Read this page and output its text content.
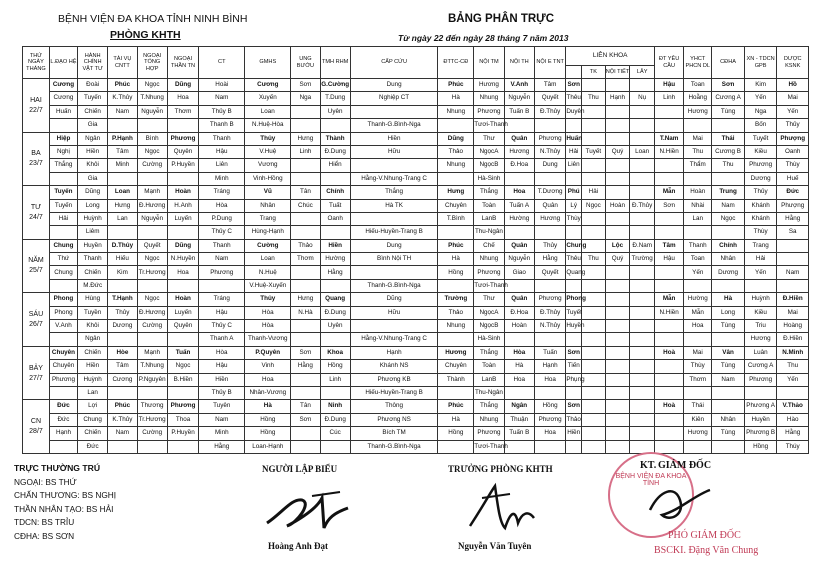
BỆNH VIỆN ĐA KHOA TỈNH NINH BÌNH
PHÒNG KHTH
BẢNG PHÂN TRỰC
Từ ngày 22 đến ngày 28 tháng 7 năm 2013
THỨ NGÀY THÁNG	L.ĐẠO HỆ	HÀNH CHÍNH VẬT TƯ	TÀI VỤ CNTT	NGOẠI TỔNG HỢP	NGOẠI THẦN TN	CT	GMHS	UNG BƯỚU	TMH RHM	CẤP CỨU	ĐTTC-CĐ	NỘI TM	NỘI TH	NỘI E TNT	LIÊN KHOA				ĐT YÊU CẦU	YHCT PHCN DL	CĐHA	XN - TDCN GPB	DƯỢC KSNK
																TK	NỘI TIẾT	LÂY					

HAI
22/7	Cương	Đoài	Phúc	Ngọc	Dũng	Hoài	Cương	Sơn	G.Cường	Dung	Phúc	Hương	V.Anh	Tâm	Sơn				Hậu	Toan	Sơn	Kim	Hồ
	Cương	Tuyến	K.Thủy	T.Nhung	Hoa	Nam	Xuyến	Nga	T.Dung	Nghiệp CT	Hà	Nhung	Nguyễn	Quyết	Thêu	Thu	Hạnh	Nụ	Linh	Hoằng	Cương A	Yến	Mai
	Huấn	Chiến	Nam	Nguyễn	Thơm	Thủy B	Loan		Uyên		Nhung	Phương	Tuấn B	Đ.Thủy	Duyên					Hương	Tùng	Nga	Yến
		Gia				Thanh B	N.Huệ-Hòa			Thanh-G.Bình-Nga		Tươi-Thanh										Bốn	Thủy

BA
23/7	Hiệp	Ngân	P.Hạnh	Bình	Phương	Thanh	Thủy	Hưng	Thành	Hiền	Dũng	Thư	Quân	Phương	Huấn				T.Nam	Mai	Thái	Tuyết	Phượng
	Nghị	Hiền	Tâm	Ngọc	Quyên	Hậu	V.Huệ	Linh	Đ.Dung	Hữu	Thảo	NgọcA	Hương	N.Thủy	Hải	Tuyết	Quý	Loan	N.Hiền	Thu	Cương B	Kiều	Oanh
	Thắng	Khôi	Minh	Cường	P.Huyền	Liên	Vương		Hiển		Nhung	NgọcB	Đ.Hoa	Dung	Liên					Thẩm	Thu	Phương	Thùy
		Gia				Minh	Vinh-Hồng			Hằng-V.Nhung-Trang C		Hà-Sinh										Dương	Huế

TƯ
24/7	Tuyến	Dũng	Loan	Mạnh	Hoàn	Tráng	Vũ	Tân	Chính	Thắng	Hưng	Thắng	Hoa	T.Dương	Phú	Hải			Mẫn	Hoàn	Trung	Thủy	Đức
	Tuyến	Long	Hưng	Đ.Hương	H.Anh	Hòa	Nhân	Chúc	Tuất	Hà TK	Chuyên	Toàn	Tuấn A	Quân	Lý	Ngọc	Hoàn	Đ.Thủy	Sơn	Nhài	Nam	Khánh	Phượng
	Hải	Huỳnh	Lan	Nguyễn	Luyến	P.Dung	Trang		Oanh		T.Bình	LanB	Hường	Hương	Thùy					Lan	Ngọc	Khánh	Hằng
		Liêm				Thủy C	Hùng-Hạnh			Hiếu-Huyền-Trang B		Thu-Ngân										Thùy	Sa

NĂM
25/7	Chung	Huyền	D.Thủy	Quyết	Dũng	Thanh	Cường	Thảo	Hiền	Dung	Phúc	Chế	Quân	Thủy	Chung		Lộc	Đ.Nam	Tâm	Thanh	Chính	Trang	
	Thứ	Thanh	Hiếu	Ngọc	N.Huyền	Nam	Loan	Thơm	Hường	Bình Nội TH	Hà	Nhung	Nguyễn	Hằng	Thêu	Thu	Quý	Trường	Hậu	Toan	Nhân	Hải	
	Chung	Chiến	Kim	Tr.Hương	Hoa	Phương	N.Huệ		Hằng		Hồng	Phương	Giao	Quyết	Quang					Yến	Dương	Yến	Nam
		M.Đức					V.Huệ-Xuyến			Thanh-G.Bình-Nga		Tươi-Thanh											

SÁU
26/7	Phong	Hùng	T.Hạnh	Ngọc	Hoàn	Tráng	Thủy	Hưng	Quang	Dũng	Trường	Thư	Quân	Phương	Phong				Mẫn	Hường	Hà	Huỳnh	Đ.Hiền
	Phong	Tuyền	Thủy	Đ.Hương	Luyến	Hậu	Hòa	N.Hà	Đ.Dung	Hữu	Thảo	NgọcA	Đ.Hoa	Đ.Thủy	Tuyết				N.Hiền	Mẫn	Long	Kiều	Mai
	V.Anh	Khôi	Dương	Cường	Quyên	Thủy C	Hòa		Uyên		Nhung	NgọcB	Hoàn	N.Thủy	Huyền					Hoa	Tùng	Triu	Hoàng
		Ngân				Thanh A	Thanh-Vương			Hằng-V.Nhung-Trang C		Hà-Sinh										Hương	Đ.Hiền

BẢY
27/7	Chuyên	Chiến	Hòe	Mạnh	Tuấn	Hòa	P.Quyên	Sơn	Khoa	Hạnh	Hương	Thắng	Hòa	Tuấn	Sơn				Hoà	Mai	Vân	Luân	N.Minh
	Chuyên	Hiền	Tâm	T.Nhung	Ngọc	Hậu	Vinh	Hằng	Hồng	Khánh NS	Chuyên	Toàn	Hà	Hạnh	Tiến					Thùy	Tùng	Cương A	Thu
	Phương	Huỳnh	Cương	P.Nguyên	B.Hiền	Hiền	Hoa		Linh	Phương KB	Thành	LanB	Hoa	Hoa	Phụng					Thơm	Nam	Phương	Yến
		Lan				Thủy B	Nhân-Vương			Hiếu-Huyền-Trang B		Thu-Ngân											

CN
28/7	Đức	Lợi	Phúc	Thương	Phương	Tuyên	Hà	Tân	Ninh	Thông	Phúc	Thắng	Ngân	Hồng	Sơn				Hoà	Thái		Phương A	V.Thảo
	Đức	Chung	K.Thủy	Tr.Hương	Thoa	Nam	Hồng	Sơn	Đ.Dung	Phương NS	Hà	Nhung	Thuận	Phương	Thảo					Kiên	Nhân	Huyền	Hào
	Hạnh	Chiến	Nam	Cường	P.Huyền	Minh	Hồng		Cúc	Bích TM	Hồng	Phương	Tuấn B	Hoa	Hiền					Hương	Tùng	Phương B	Hằng
		Đức				Hằng	Loan-Hạnh			Thanh-G.Bình-Nga		Tươi-Thanh										Hồng	Thúy
TRỰC THƯỜNG TRÚ
NGOẠI: BS THỨ
CHẤN THƯƠNG: BS NGHỊ
THẦN NHÂN TẠO: BS HẢI
TDCN: BS TRỈU
CĐHA: BS SƠN
NGƯỜI LẬP BIỂU	TRƯỞNG PHÒNG KHTH
Hoàng Anh Đạt	Nguyễn Văn Tuyên
BỆNH VIỆN ĐA KHOA TỈNH
KT. GIÁM ĐỐC
PHÓ GIÁM ĐỐC
BSCKI. Đặng Văn Chung
